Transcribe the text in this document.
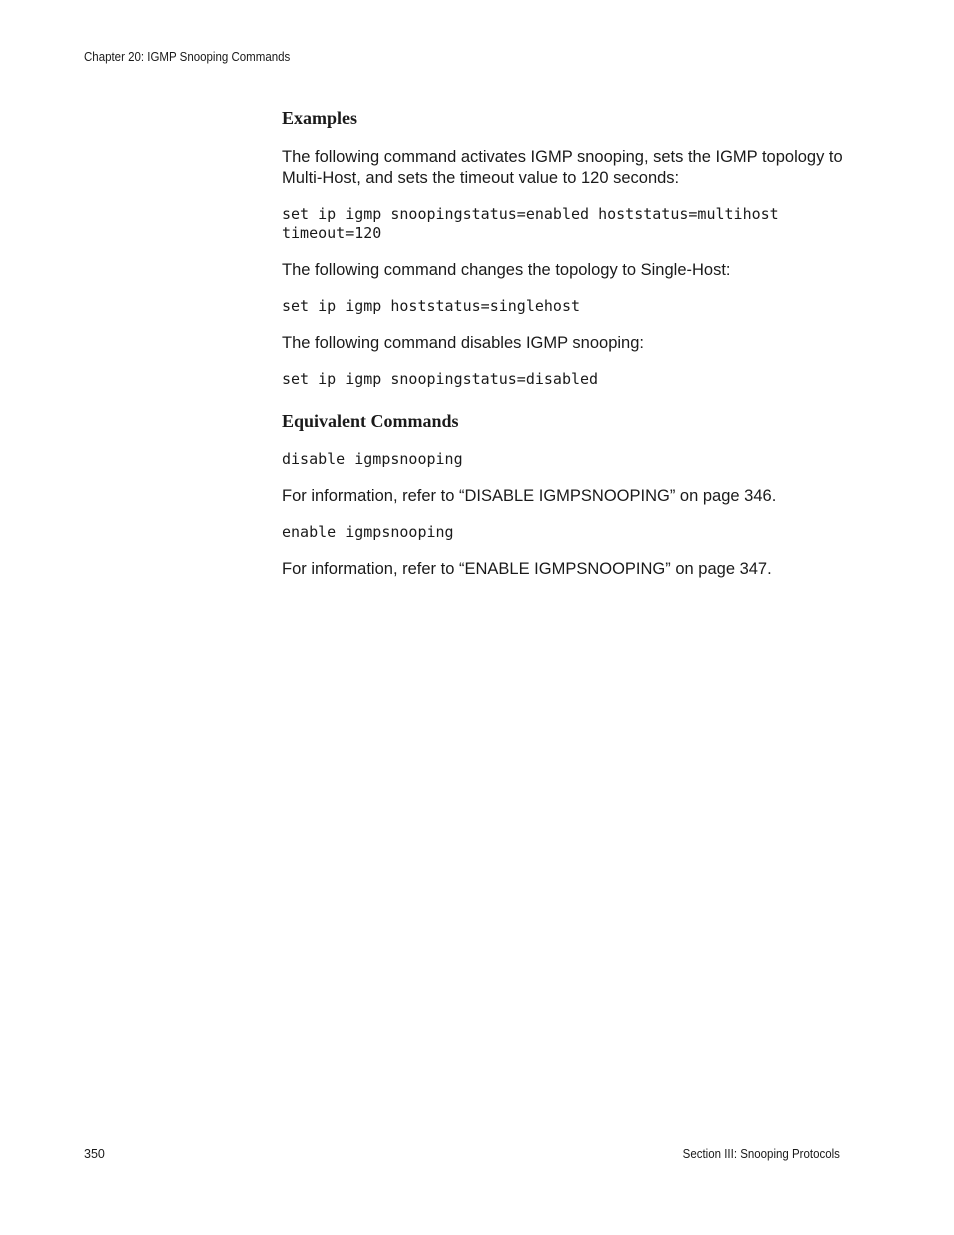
Chapter 20: IGMP Snooping Commands
Examples
The following command activates IGMP snooping, sets the IGMP topology to Multi-Host, and sets the timeout value to 120 seconds:
set ip igmp snoopingstatus=enabled hoststatus=multihost
timeout=120
The following command changes the topology to Single-Host:
set ip igmp hoststatus=singlehost
The following command disables IGMP snooping:
set ip igmp snoopingstatus=disabled
Equivalent Commands
disable igmpsnooping
For information, refer to “DISABLE IGMPSNOOPING” on page 346.
enable igmpsnooping
For information, refer to “ENABLE IGMPSNOOPING” on page 347.
350	Section III: Snooping Protocols
